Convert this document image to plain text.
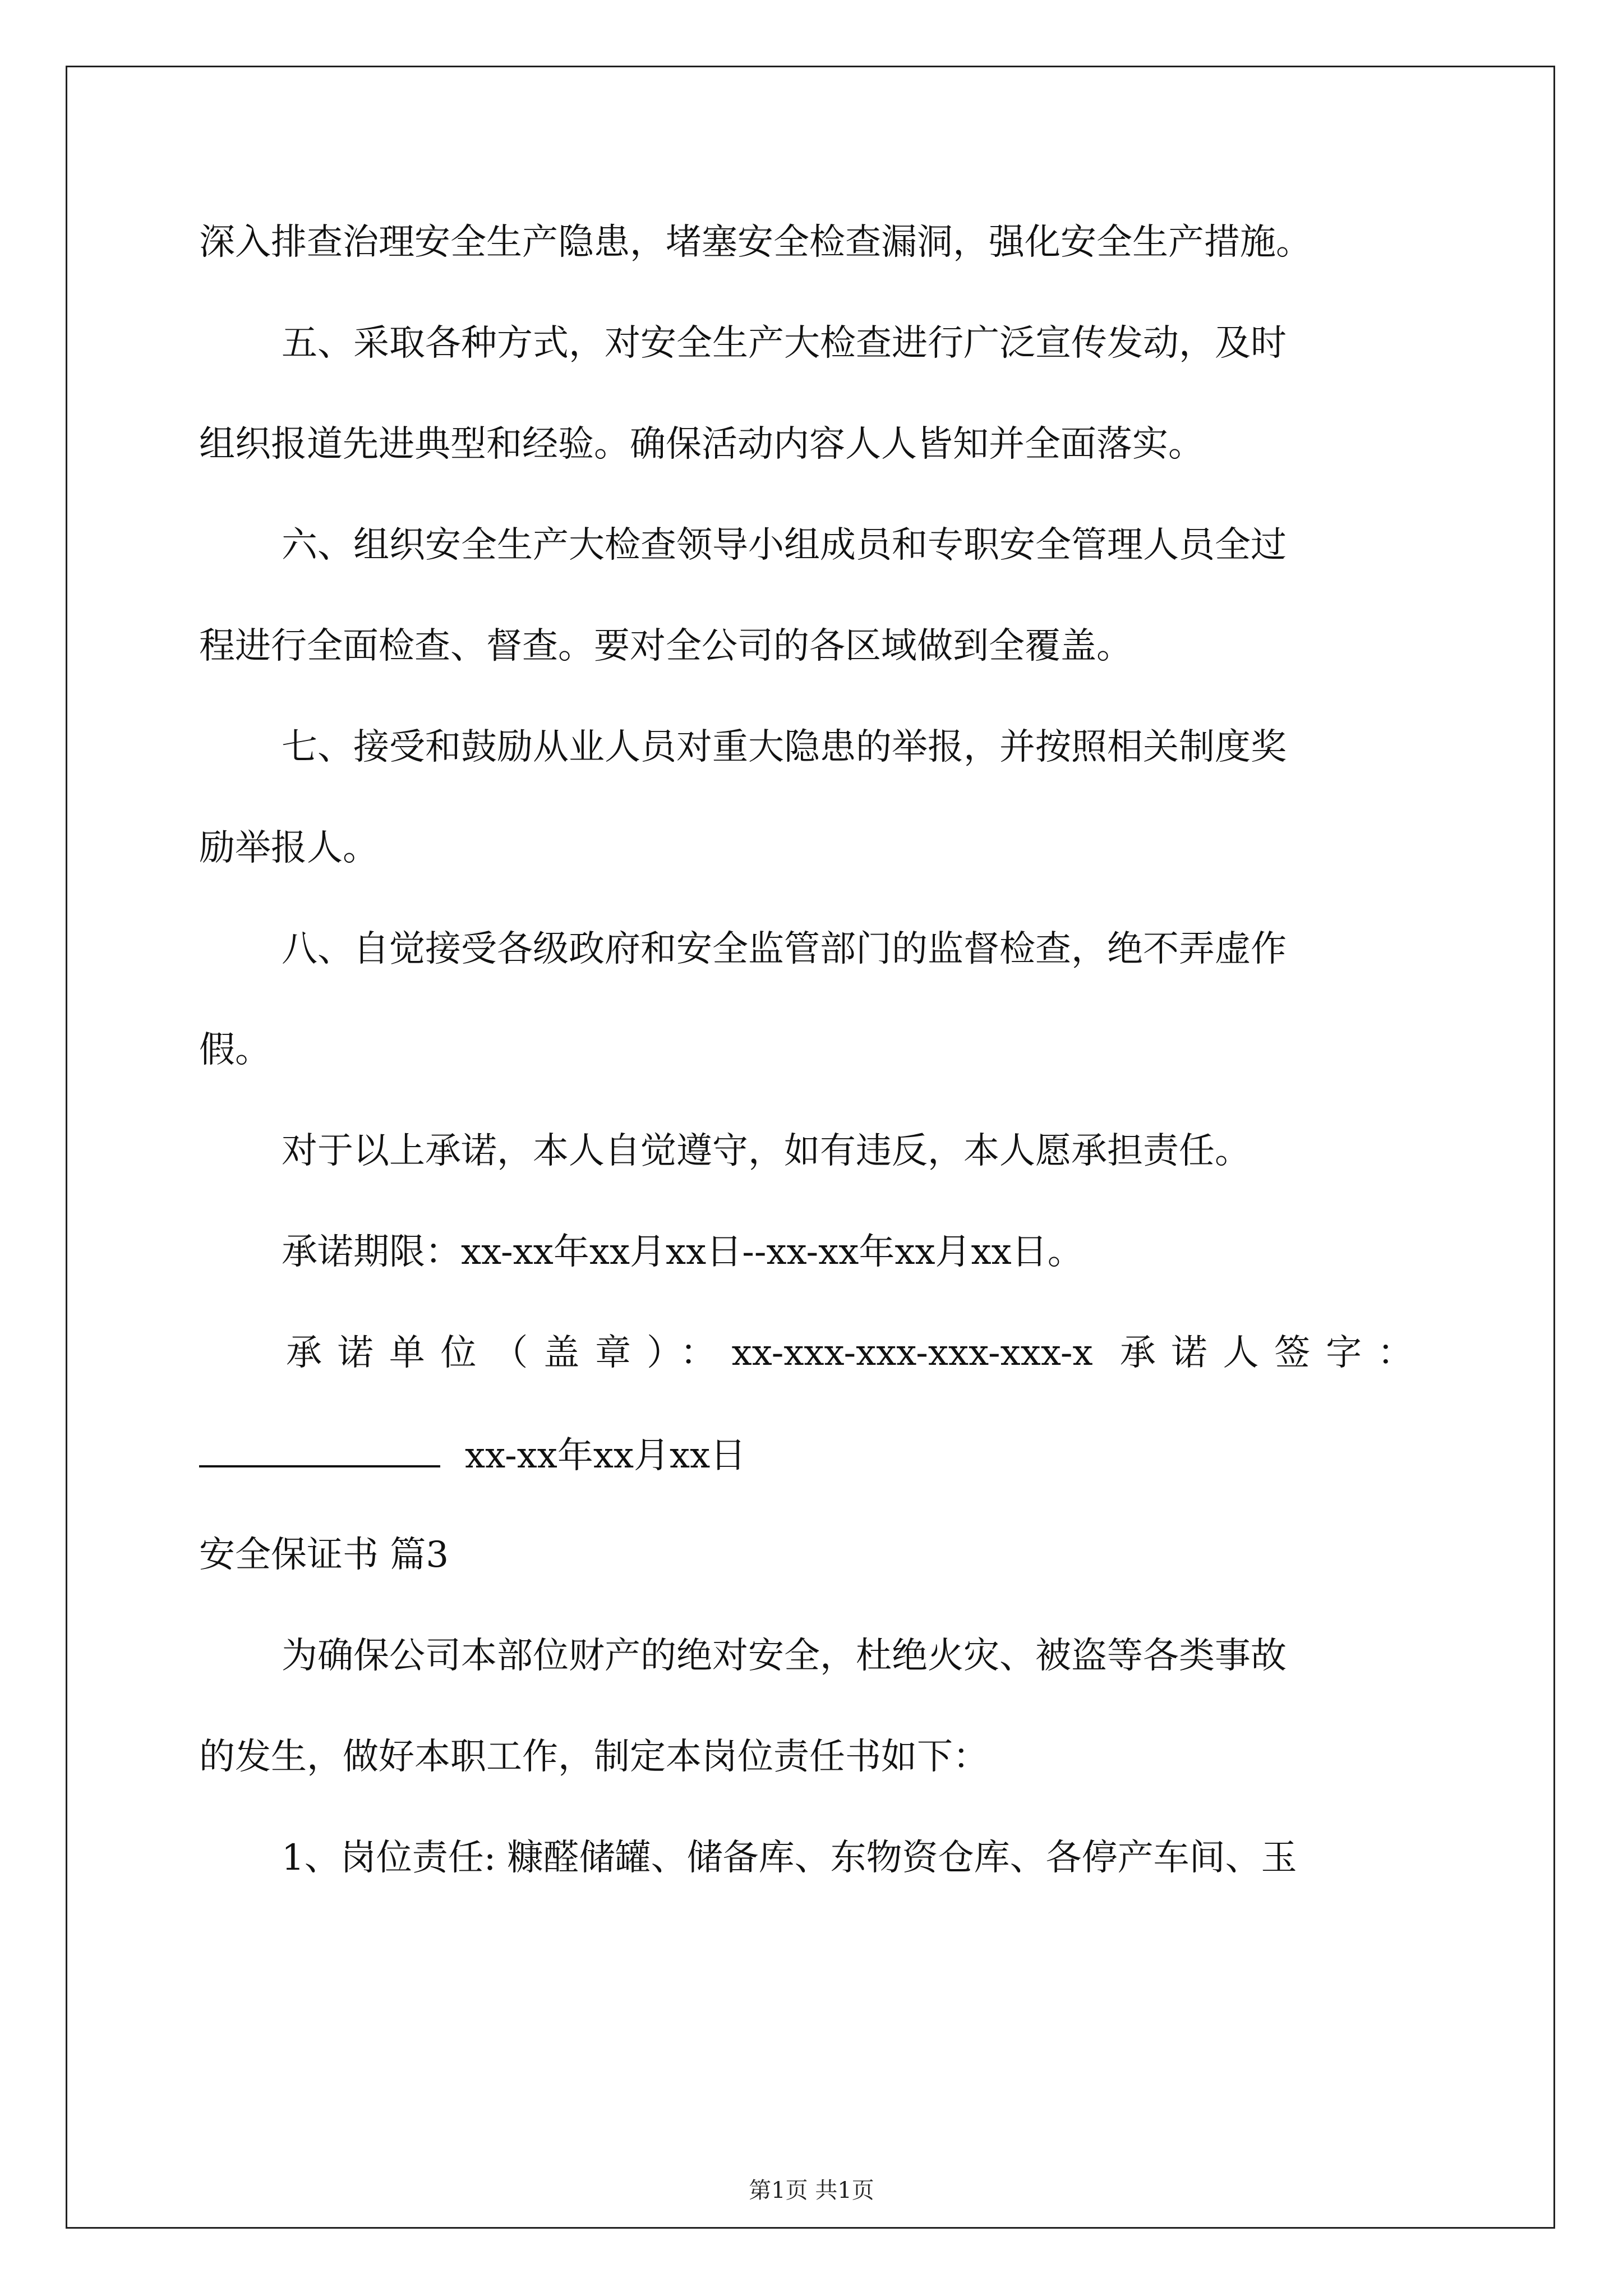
深入排查治理安全生产隐患，堵塞安全检查漏洞，强化安全生产措施。

五、采取各种方式，对安全生产大检查进行广泛宣传发动，及时

组织报道先进典型和经验。确保活动内容人人皆知并全面落实。

六、组织安全生产大检查领导小组成员和专职安全管理人员全过

程进行全面检查、督查。要对全公司的各区域做到全覆盖。

七、接受和鼓励从业人员对重大隐患的举报，并按照相关制度奖

励举报人。

八、自觉接受各级政府和安全监管部门的监督检查，绝不弄虚作

假。

对于以上承诺，本人自觉遵守，如有违反，本人愿承担责任。

承诺期限：xx-xx年xx月xx日--xx-xx年xx月xx日。

承诺单位（盖章）：xx-xxx-xxx-xxx-xxx-x 承诺人签字：

xx-xx年xx月xx日

安全保证书 篇3

为确保公司本部位财产的绝对安全，杜绝火灾、被盗等各类事故

的发生，做好本职工作，制定本岗位责任书如下：

1、岗位责任: 糠醛储罐、储备库、东物资仓库、各停产车间、玉

第1页 共1页
